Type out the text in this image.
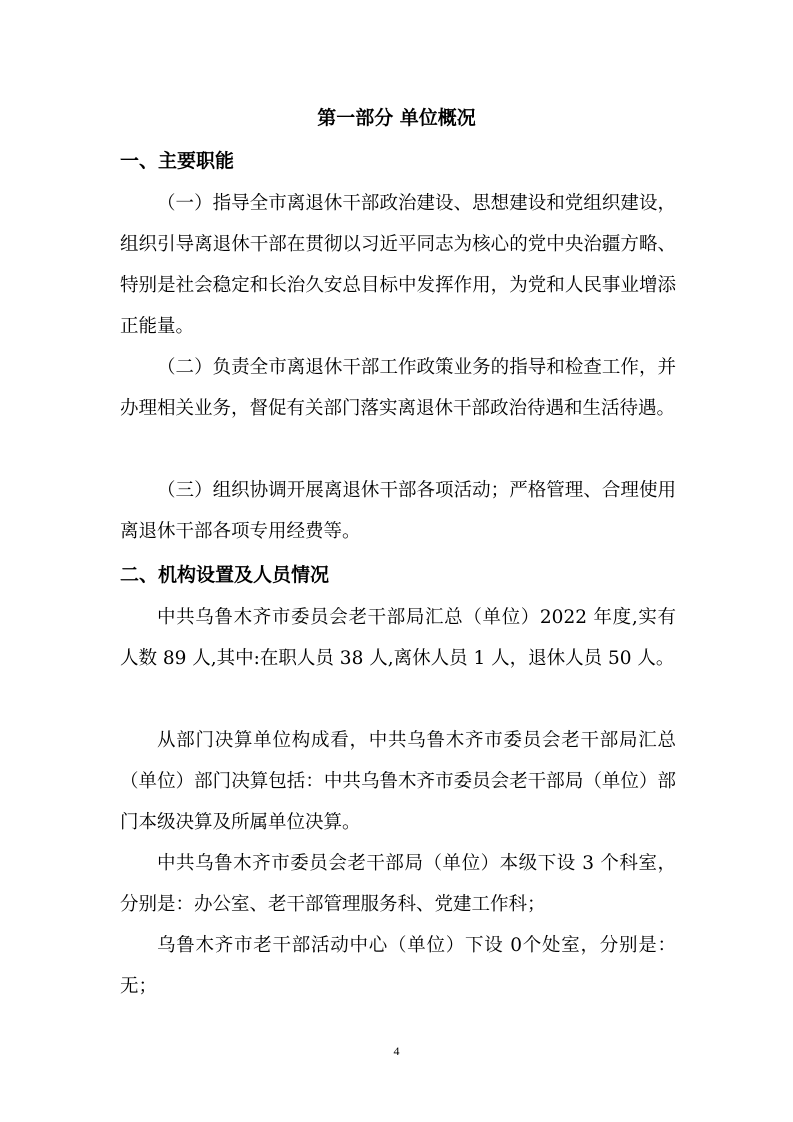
第一部分 单位概况
一、主要职能

（一）指导全市离退休干部政治建设、思想建设和党组织建设，组织引导离退休干部在贯彻以习近平同志为核心的党中央治疆方略、特别是社会稳定和长治久安总目标中发挥作用，为党和人民事业增添正能量。

（二）负责全市离退休干部工作政策业务的指导和检查工作，并办理相关业务，督促有关部门落实离退休干部政治待遇和生活待遇。

（三）组织协调开展离退休干部各项活动；严格管理、合理使用离退休干部各项专用经费等。

二、机构设置及人员情况

中共乌鲁木齐市委员会老干部局汇总（单位）2022 年度,实有人数 89 人,其中:在职人员 38 人,离休人员 1 人，退休人员 50 人。

从部门决算单位构成看，中共乌鲁木齐市委员会老干部局汇总（单位）部门决算包括：中共乌鲁木齐市委员会老干部局（单位）部门本级决算及所属单位决算。

中共乌鲁木齐市委员会老干部局（单位）本级下设 3 个科室，分别是：办公室、老干部管理服务科、党建工作科；

乌鲁木齐市老干部活动中心（单位）下设 0个处室，分别是：无；

4
